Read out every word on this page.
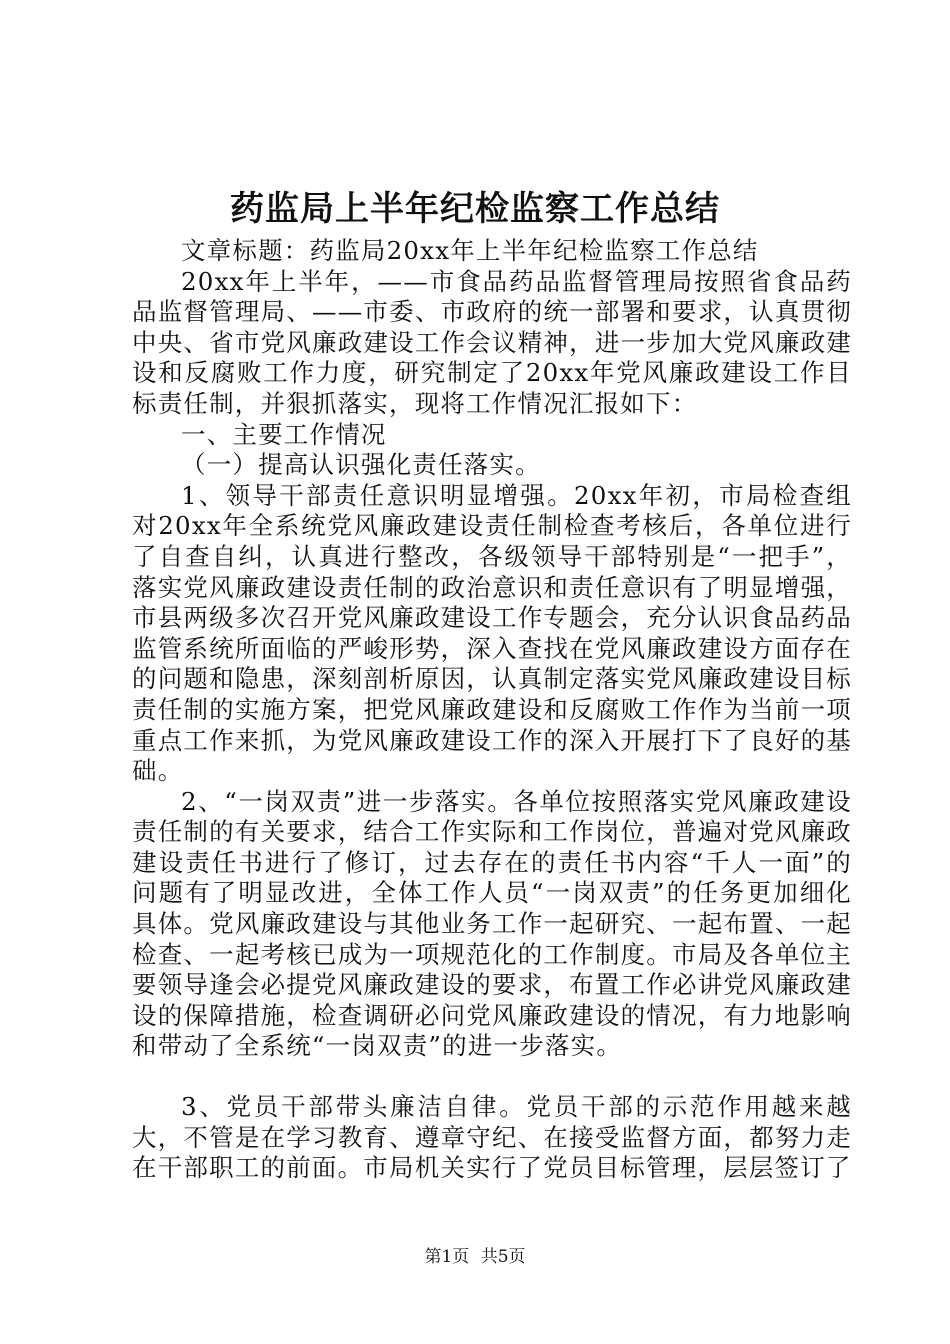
药监局上半年纪检监察工作总结

文章标题：药监局20xx年上半年纪检监察工作总结

20xx年上半年，——市食品药品监督管理局按照省食品药品监督管理局、——市委、市政府的统一部署和要求，认真贯彻中央、省市党风廉政建设工作会议精神，进一步加大党风廉政建设和反腐败工作力度，研究制定了20xx年党风廉政建设工作目标责任制，并狠抓落实，现将工作情况汇报如下：

一、主要工作情况

（一）提高认识强化责任落实。

1、领导干部责任意识明显增强。20xx年初，市局检查组对20xx年全系统党风廉政建设责任制检查考核后，各单位进行了自查自纠，认真进行整改，各级领导干部特别是“一把手”，落实党风廉政建设责任制的政治意识和责任意识有了明显增强，市县两级多次召开党风廉政建设工作专题会，充分认识食品药品监管系统所面临的严峻形势，深入查找在党风廉政建设方面存在的问题和隐患，深刻剖析原因，认真制定落实党风廉政建设目标责任制的实施方案，把党风廉政建设和反腐败工作作为当前一项重点工作来抓，为党风廉政建设工作的深入开展打下了良好的基础。

2、“一岗双责”进一步落实。各单位按照落实党风廉政建设责任制的有关要求，结合工作实际和工作岗位，普遍对党风廉政建设责任书进行了修订，过去存在的责任书内容“千人一面”的问题有了明显改进，全体工作人员“一岗双责”的任务更加细化具体。党风廉政建设与其他业务工作一起研究、一起布置、一起检查、一起考核已成为一项规范化的工作制度。市局及各单位主要领导逢会必提党风廉政建设的要求，布置工作必讲党风廉政建设的保障措施，检查调研必问党风廉政建设的情况，有力地影响和带动了全系统“一岗双责”的进一步落实。

3、党员干部带头廉洁自律。党员干部的示范作用越来越大，不管是在学习教育、遵章守纪、在接受监督方面，都努力走在干部职工的前面。市局机关实行了党员目标管理，层层签订了

第1页 共5页
